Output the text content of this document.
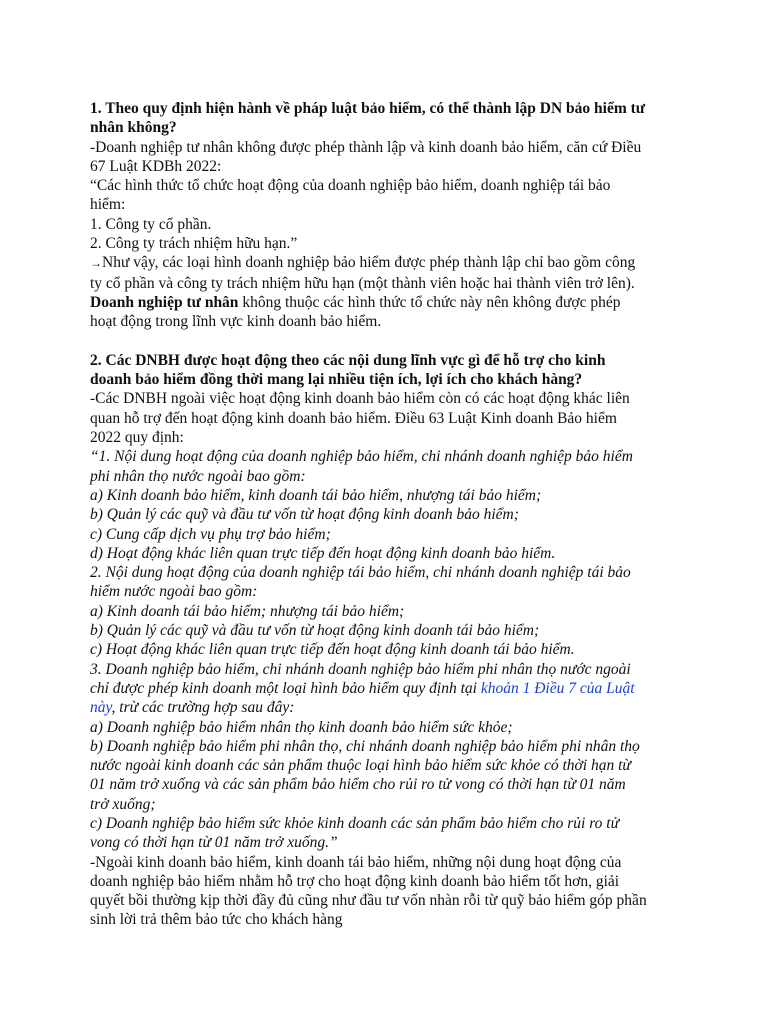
1. Theo quy định hiện hành về pháp luật bảo hiểm, có thể thành lập DN bảo hiểm tư
nhân không?
-Doanh nghiệp tư nhân không được phép thành lập và kinh doanh bảo hiểm, căn cứ Điều
67 Luật KDBh 2022:
“Các hình thức tổ chức hoạt động của doanh nghiệp bảo hiểm, doanh nghiệp tái bảo
hiểm:
1. Công ty cổ phần.
2. Công ty trách nhiệm hữu hạn.”
→Như vậy, các loại hình doanh nghiệp bảo hiểm được phép thành lập chỉ bao gồm công
ty cổ phần và công ty trách nhiệm hữu hạn (một thành viên hoặc hai thành viên trở lên).
Doanh nghiệp tư nhân không thuộc các hình thức tổ chức này nên không được phép
hoạt động trong lĩnh vực kinh doanh bảo hiểm.
2. Các DNBH được hoạt động theo các nội dung lĩnh vực gì để hỗ trợ cho kinh
doanh bảo hiểm đồng thời mang lại nhiều tiện ích, lợi ích cho khách hàng?
-Các DNBH ngoài việc hoạt động kinh doanh bảo hiểm còn có các hoạt động khác liên
quan hỗ trợ đến hoạt động kinh doanh bảo hiểm. Điều 63 Luật Kinh doanh Bảo hiểm
2022 quy định:
“1. Nội dung hoạt động của doanh nghiệp bảo hiểm, chi nhánh doanh nghiệp bảo hiểm
phi nhân thọ nước ngoài bao gồm:
a) Kinh doanh bảo hiểm, kinh doanh tái bảo hiểm, nhượng tái bảo hiểm;
b) Quản lý các quỹ và đầu tư vốn từ hoạt động kinh doanh bảo hiểm;
c) Cung cấp dịch vụ phụ trợ bảo hiểm;
d) Hoạt động khác liên quan trực tiếp đến hoạt động kinh doanh bảo hiểm.
2. Nội dung hoạt động của doanh nghiệp tái bảo hiểm, chi nhánh doanh nghiệp tái bảo
hiểm nước ngoài bao gồm:
a) Kinh doanh tái bảo hiểm; nhượng tái bảo hiểm;
b) Quản lý các quỹ và đầu tư vốn từ hoạt động kinh doanh tái bảo hiểm;
c) Hoạt động khác liên quan trực tiếp đến hoạt động kinh doanh tái bảo hiểm.
3. Doanh nghiệp bảo hiểm, chi nhánh doanh nghiệp bảo hiểm phi nhân thọ nước ngoài
chỉ được phép kinh doanh một loại hình bảo hiểm quy định tại khoản 1 Điều 7 của Luật
này, trừ các trường hợp sau đây:
a) Doanh nghiệp bảo hiểm nhân thọ kinh doanh bảo hiểm sức khỏe;
b) Doanh nghiệp bảo hiểm phi nhân thọ, chi nhánh doanh nghiệp bảo hiểm phi nhân thọ
nước ngoài kinh doanh các sản phẩm thuộc loại hình bảo hiểm sức khỏe có thời hạn từ
01 năm trở xuống và các sản phẩm bảo hiểm cho rủi ro tử vong có thời hạn từ 01 năm
trở xuống;
c) Doanh nghiệp bảo hiểm sức khỏe kinh doanh các sản phẩm bảo hiểm cho rủi ro tử
vong có thời hạn từ 01 năm trở xuống.”
-Ngoài kinh doanh bảo hiểm, kinh doanh tái bảo hiểm, những nội dung hoạt động của
doanh nghiệp bảo hiểm nhằm hỗ trợ cho hoạt động kinh doanh bảo hiểm tốt hơn, giải
quyết bồi thường kịp thời đầy đủ cũng như đầu tư vốn nhàn rỗi từ quỹ bảo hiểm góp phần
sinh lời trả thêm bảo tức cho khách hàng
